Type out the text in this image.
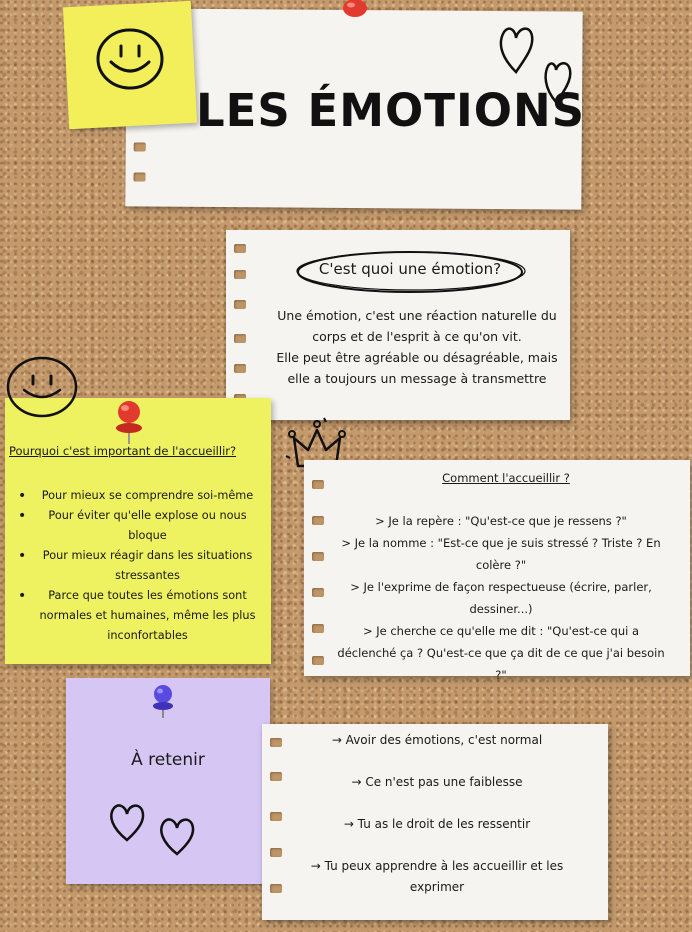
LES ÉMOTIONS
C'est quoi une émotion?
Une émotion, c'est une réaction naturelle du
corps et de l'esprit à ce qu'on vit.
Elle peut être agréable ou désagréable, mais
elle a toujours un message à transmettre
Pourquoi c'est important de l'accueillir?
• Pour mieux se comprendre soi-même
• Pour éviter qu'elle explose ou nous bloque
• Pour mieux réagir dans les situations stressantes
• Parce que toutes les émotions sont normales et humaines, même les plus inconfortables
Comment l'accueillir ?
> Je la repère : "Qu'est-ce que je ressens ?"
> Je la nomme : "Est-ce que je suis stressé ? Triste ? En colère ?"
> Je l'exprime de façon respectueuse (écrire, parler, dessiner...)
> Je cherche ce qu'elle me dit : "Qu'est-ce qui a déclenché ça ? Qu'est-ce que ça dit de ce que j'ai besoin ?"
À retenir
→ Avoir des émotions, c'est normal
→ Ce n'est pas une faiblesse
→ Tu as le droit de les ressentir
→ Tu peux apprendre à les accueillir et les exprimer
